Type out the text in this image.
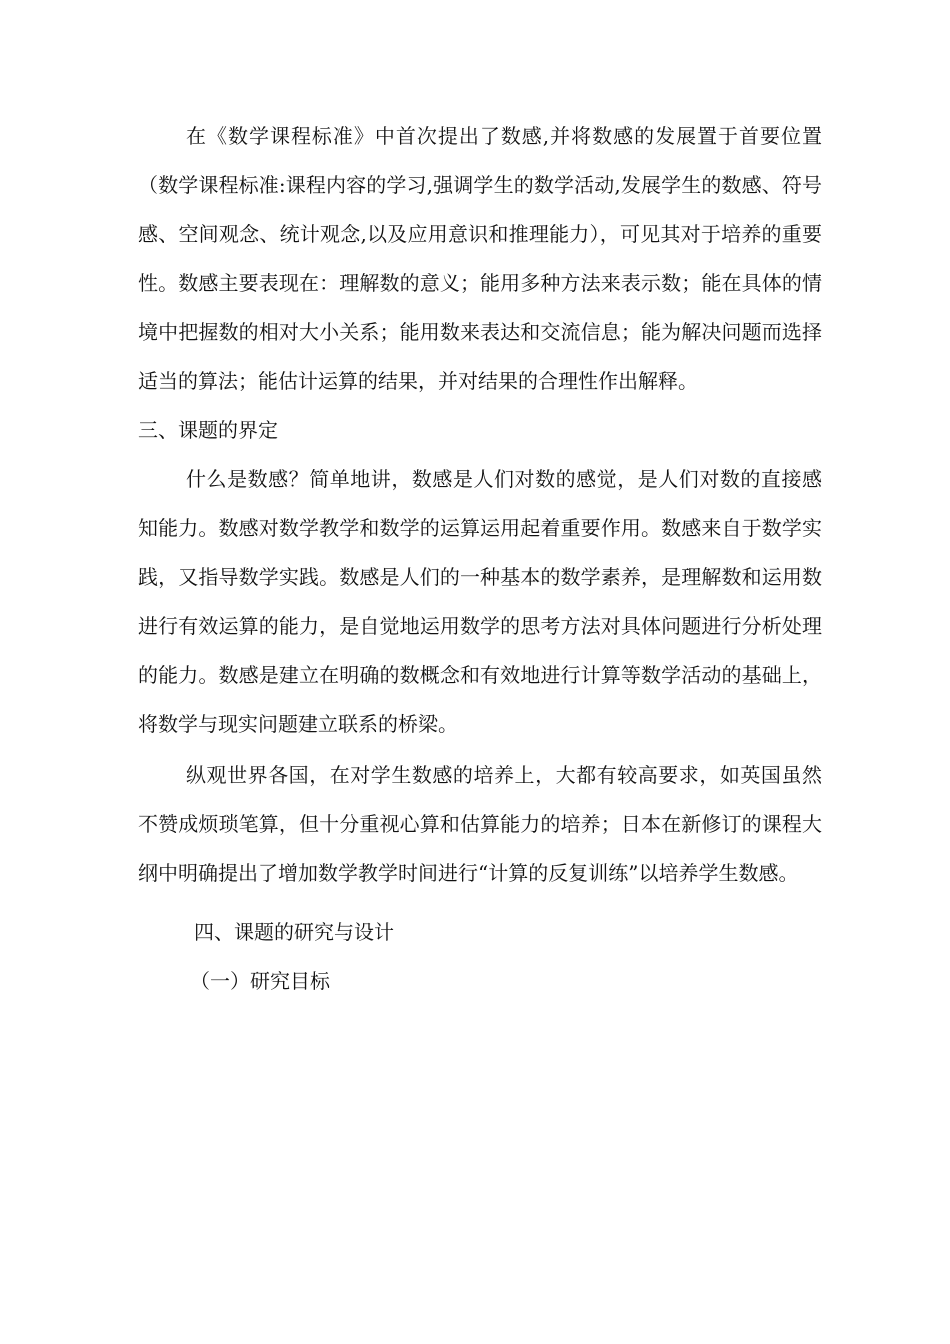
在《数学课程标准》中首次提出了数感,并将数感的发展置于首要位置（数学课程标准:课程内容的学习,强调学生的数学活动,发展学生的数感、符号感、空间观念、统计观念,以及应用意识和推理能力），可见其对于培养的重要性。数感主要表现在：理解数的意义；能用多种方法来表示数；能在具体的情境中把握数的相对大小关系；能用数来表达和交流信息；能为解决问题而选择适当的算法；能估计运算的结果，并对结果的合理性作出解释。

三、课题的界定

什么是数感？简单地讲，数感是人们对数的感觉，是人们对数的直接感知能力。数感对数学教学和数学的运算运用起着重要作用。数感来自于数学实践，又指导数学实践。数感是人们的一种基本的数学素养，是理解数和运用数进行有效运算的能力，是自觉地运用数学的思考方法对具体问题进行分析处理的能力。数感是建立在明确的数概念和有效地进行计算等数学活动的基础上，将数学与现实问题建立联系的桥梁。

纵观世界各国，在对学生数感的培养上，大都有较高要求，如英国虽然不赞成烦琐笔算，但十分重视心算和估算能力的培养；日本在新修订的课程大纲中明确提出了增加数学教学时间进行“计算的反复训练”以培养学生数感。

四、课题的研究与设计

（一）研究目标
